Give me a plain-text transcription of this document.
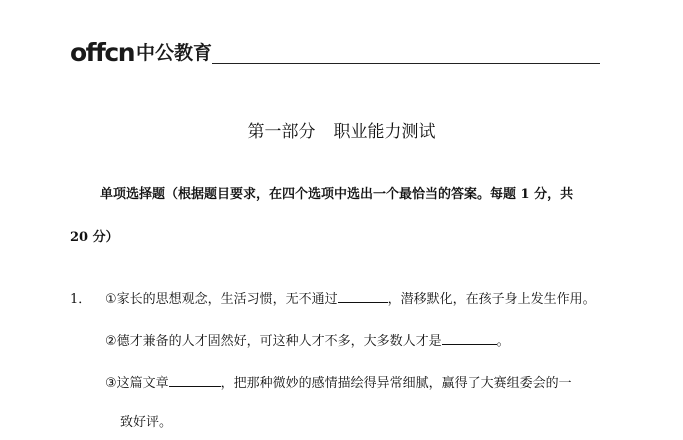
offcn 中公教育
第一部分 职业能力测试
单项选择题（根据题目要求，在四个选项中选出一个最恰当的答案。每题 1 分，共
20 分）
1． ①家长的思想观念，生活习惯，无不通过	，潜移默化，在孩子身上发生作用。
②德才兼备的人才固然好，可这种人才不多，大多数人才是	。
③这篇文章	，把那种微妙的感情描绘得异常细腻，赢得了大赛组委会的一
致好评。
